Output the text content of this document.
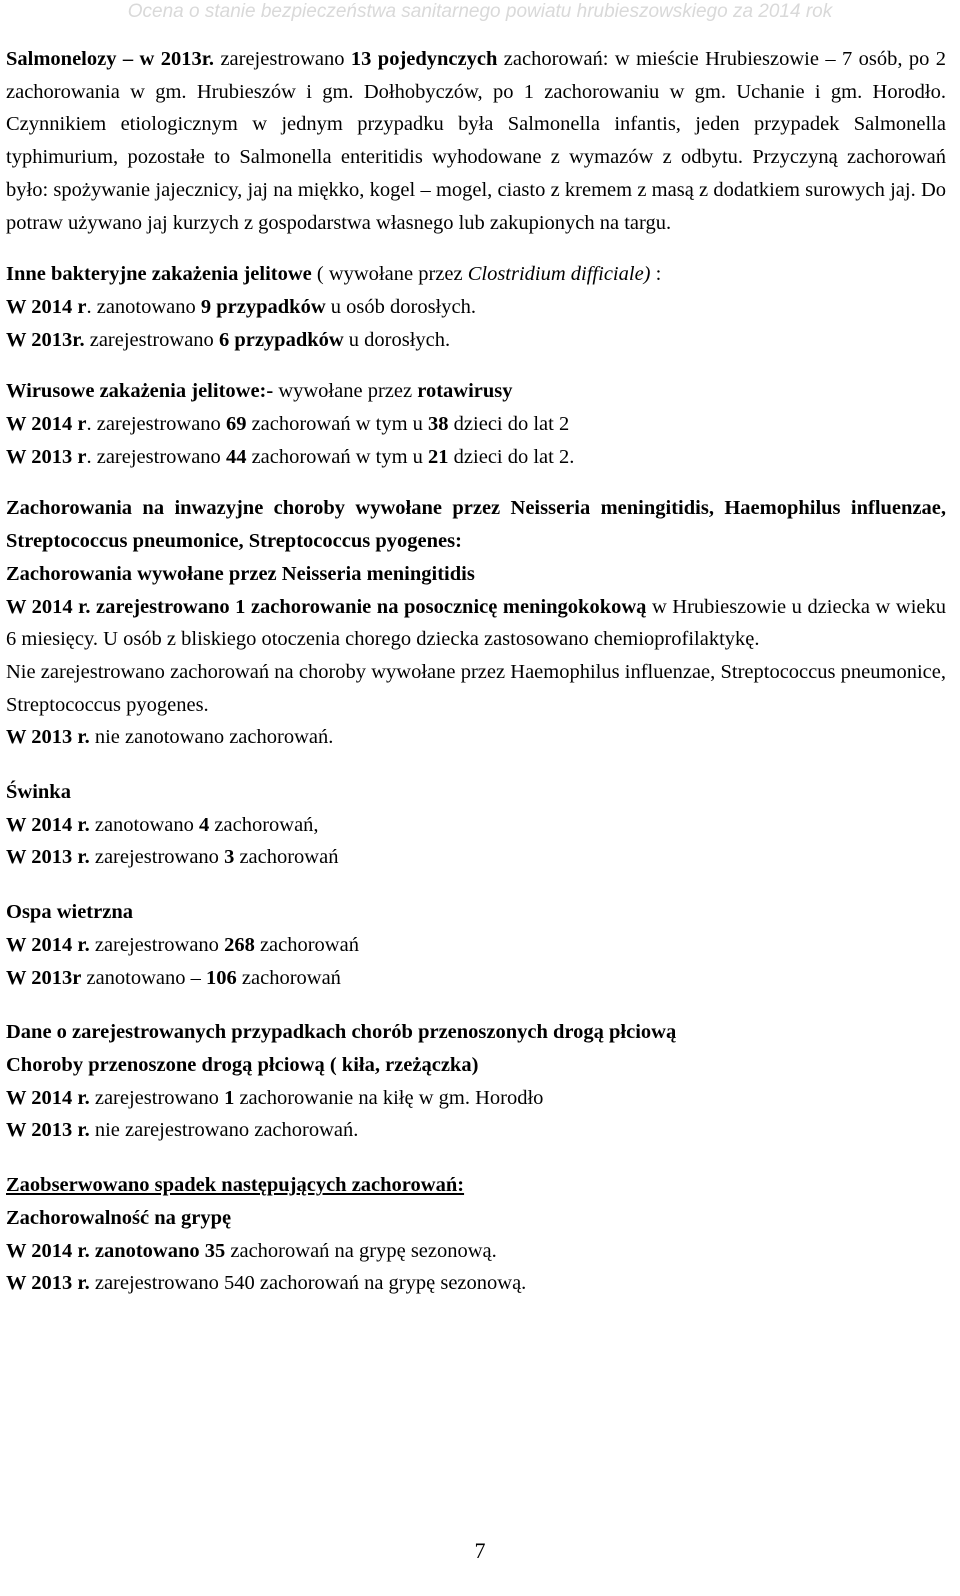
Ocena o stanie bezpieczeństwa sanitarnego powiatu hrubieszowskiego za 2014 rok

Salmonelozy – w 2013r. zarejestrowano 13 pojedynczych zachorowań: w mieście Hrubieszowie – 7 osób, po 2 zachorowania w gm. Hrubieszów i gm. Dołhobyczów, po 1 zachorowaniu w gm. Uchanie i gm. Horodło. Czynnikiem etiologicznym w jednym przypadku była Salmonella infantis, jeden przypadek Salmonella typhimurium, pozostałe to Salmonella enteritidis wyhodowane z wymazów z odbytu. Przyczyną zachorowań było: spożywanie jajecznicy, jaj na miękko, kogel – mogel, ciasto z kremem z masą z dodatkiem surowych jaj. Do potraw używano jaj kurzych z gospodarstwa własnego lub zakupionych na targu.

Inne bakteryjne zakażenia jelitowe ( wywołane przez Clostridium difficiale) :

W 2014 r. zanotowano 9 przypadków u osób dorosłych.

W 2013r. zarejestrowano 6 przypadków u dorosłych.

Wirusowe zakażenia jelitowe:- wywołane przez rotawirusy

W 2014 r. zarejestrowano 69 zachorowań w tym u 38 dzieci do lat 2

W 2013 r. zarejestrowano 44 zachorowań w tym u 21 dzieci do lat 2.

Zachorowania na inwazyjne choroby wywołane przez Neisseria meningitidis, Haemophilus influenzae, Streptococcus pneumonice, Streptococcus pyogenes:

Zachorowania wywołane przez Neisseria meningitidis

W 2014 r. zarejestrowano 1 zachorowanie na posocznicę meningokokową w Hrubieszowie u dziecka w wieku 6 miesięcy. U osób z bliskiego otoczenia chorego dziecka zastosowano chemioprofilaktykę.

Nie zarejestrowano zachorowań na choroby wywołane przez Haemophilus influenzae, Streptococcus pneumonice, Streptococcus pyogenes.

W 2013 r. nie zanotowano zachorowań.

Świnka

W 2014 r. zanotowano 4 zachorowań,

W 2013 r. zarejestrowano 3 zachorowań

Ospa wietrzna

W 2014 r. zarejestrowano 268 zachorowań

W 2013r zanotowano – 106 zachorowań

Dane o zarejestrowanych przypadkach chorób przenoszonych drogą płciową

Choroby przenoszone drogą płciową ( kiła, rzeżączka)

W 2014 r. zarejestrowano 1 zachorowanie na kiłę w gm. Horodło

W 2013 r. nie zarejestrowano zachorowań.

Zaobserwowano spadek następujących zachorowań:

Zachorowalność na grypę

W 2014 r. zanotowano 35 zachorowań na grypę sezonową.

W 2013 r. zarejestrowano 540 zachorowań na grypę sezonową.

7
